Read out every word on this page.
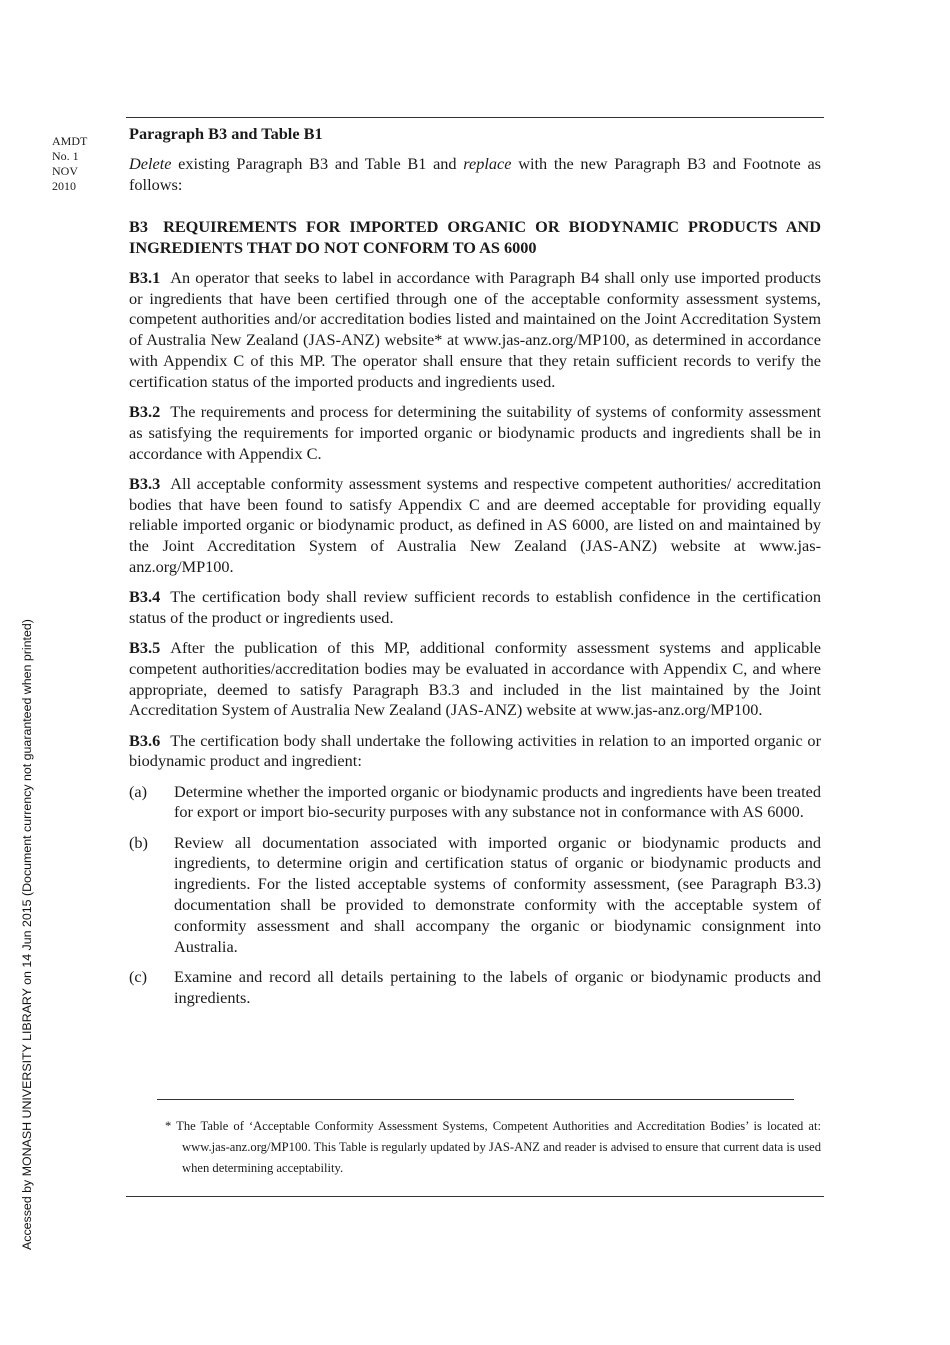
AMDT
No. 1
NOV
2010

Paragraph B3 and Table B1

Delete existing Paragraph B3 and Table B1 and replace with the new Paragraph B3 and Footnote as follows:

B3 REQUIREMENTS FOR IMPORTED ORGANIC OR BIODYNAMIC PRODUCTS AND INGREDIENTS THAT DO NOT CONFORM TO AS 6000

B3.1 An operator that seeks to label in accordance with Paragraph B4 shall only use imported products or ingredients that have been certified through one of the acceptable conformity assessment systems, competent authorities and/or accreditation bodies listed and maintained on the Joint Accreditation System of Australia New Zealand (JAS-ANZ) website* at www.jas-anz.org/MP100, as determined in accordance with Appendix C of this MP. The operator shall ensure that they retain sufficient records to verify the certification status of the imported products and ingredients used.

B3.2 The requirements and process for determining the suitability of systems of conformity assessment as satisfying the requirements for imported organic or biodynamic products and ingredients shall be in accordance with Appendix C.

B3.3 All acceptable conformity assessment systems and respective competent authorities/ accreditation bodies that have been found to satisfy Appendix C and are deemed acceptable for providing equally reliable imported organic or biodynamic product, as defined in AS 6000, are listed on and maintained by the Joint Accreditation System of Australia New Zealand (JAS-ANZ) website at www.jas-anz.org/MP100.

B3.4 The certification body shall review sufficient records to establish confidence in the certification status of the product or ingredients used.

B3.5 After the publication of this MP, additional conformity assessment systems and applicable competent authorities/accreditation bodies may be evaluated in accordance with Appendix C, and where appropriate, deemed to satisfy Paragraph B3.3 and included in the list maintained by the Joint Accreditation System of Australia New Zealand (JAS-ANZ) website at www.jas-anz.org/MP100.

B3.6 The certification body shall undertake the following activities in relation to an imported organic or biodynamic product and ingredient:

(a) Determine whether the imported organic or biodynamic products and ingredients have been treated for export or import bio-security purposes with any substance not in conformance with AS 6000.
(b) Review all documentation associated with imported organic or biodynamic products and ingredients, to determine origin and certification status of organic or biodynamic products and ingredients. For the listed acceptable systems of conformity assessment, (see Paragraph B3.3) documentation shall be provided to demonstrate conformity with the acceptable system of conformity assessment and shall accompany the organic or biodynamic consignment into Australia.
(c) Examine and record all details pertaining to the labels of organic or biodynamic products and ingredients.
* The Table of ‘Acceptable Conformity Assessment Systems, Competent Authorities and Accreditation Bodies’ is located at: www.jas-anz.org/MP100. This Table is regularly updated by JAS-ANZ and reader is advised to ensure that current data is used when determining acceptability.
Accessed by MONASH UNIVERSITY LIBRARY on 14 Jun 2015 (Document currency not guaranteed when printed)
